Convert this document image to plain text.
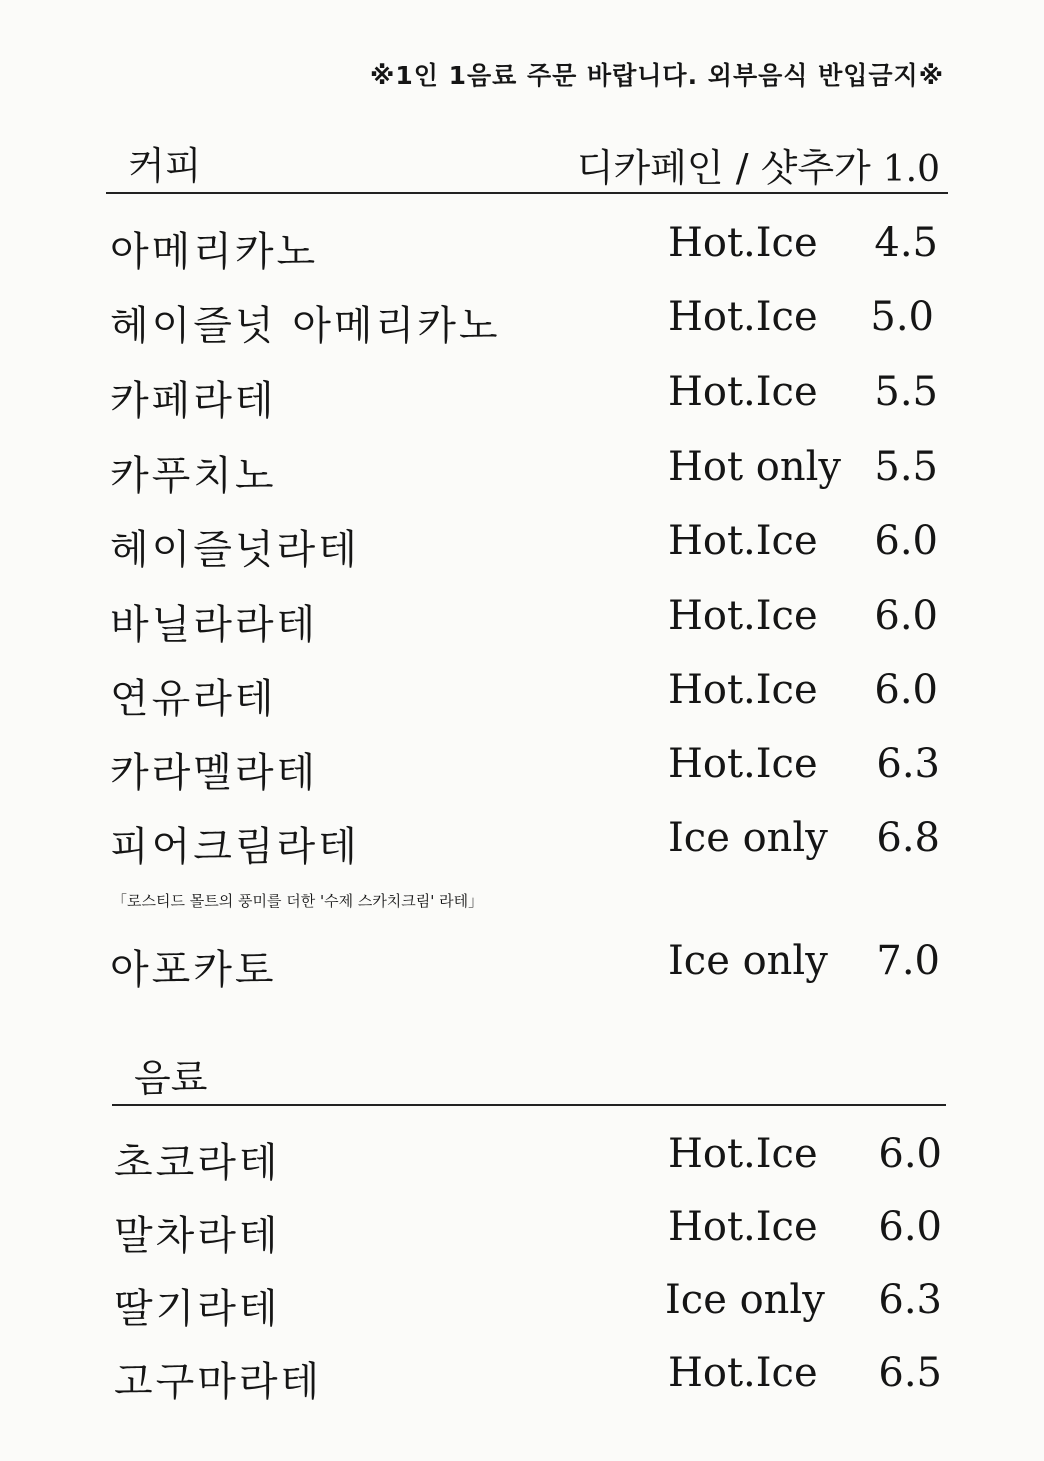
※1인 1음료 주문 바랍니다. 외부음식 반입금지※
커피	디카페인 / 샷추가 1.0
아메리카노	Hot.Ice 4.5
헤이즐넛 아메리카노	Hot.Ice 5.0
카페라테	Hot.Ice 5.5
카푸치노	Hot only 5.5
헤이즐넛라테	Hot.Ice 6.0
바닐라라테	Hot.Ice 6.0
연유라테	Hot.Ice 6.0
카라멜라테	Hot.Ice 6.3
피어크림라테	Ice only 6.8
「로스티드 몰트의 풍미를 더한 '수제 스카치크림' 라테」
아포카토	Ice only 7.0
음료
초코라테	Hot.Ice 6.0
말차라테	Hot.Ice 6.0
딸기라테	Ice only 6.3
고구마라테	Hot.Ice 6.5
